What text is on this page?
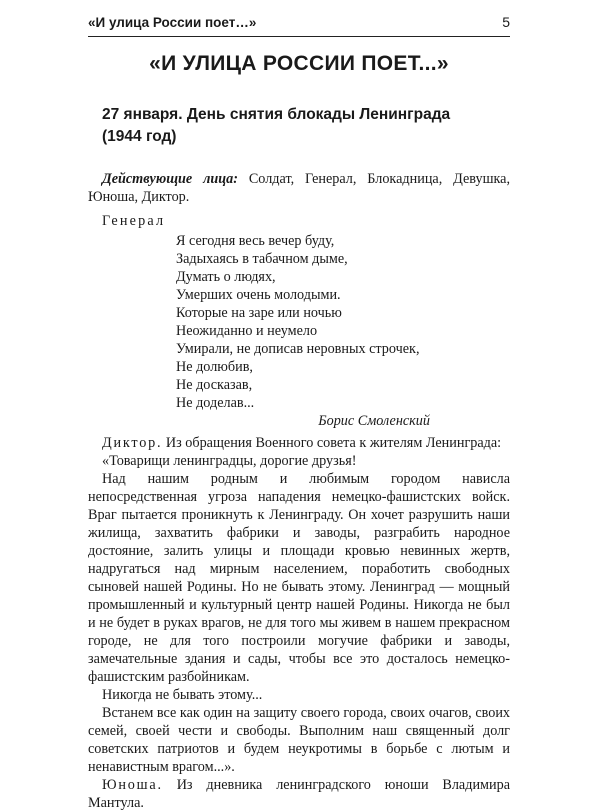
«И улица России поет…»	5
«И УЛИЦА РОССИИ ПОЕТ...»
27 января. День снятия блокады Ленинграда
(1944 год)
Действующие лица: Солдат, Генерал, Блокадница, Девушка, Юноша, Диктор.
Генерал
Я сегодня весь вечер буду,
Задыхаясь в табачном дыме,
Думать о людях,
Умерших очень молодыми.
Которые на заре или ночью
Неожиданно и неумело
Умирали, не дописав неровных строчек,
Не долюбив,
Не досказав,
Не доделав...
Борис Смоленский
Диктор. Из обращения Военного совета к жителям Ленинграда:
«Товарищи ленинградцы, дорогие друзья!
Над нашим родным и любимым городом нависла непосредственная угроза нападения немецко-фашистских войск. Враг пытается проникнуть к Ленинграду. Он хочет разрушить наши жилища, захватить фабрики и заводы, разграбить народное достояние, залить улицы и площади кровью невинных жертв, надругаться над мирным населением, поработить свободных сыновей нашей Родины. Но не бывать этому. Ленинград — мощный промышленный и культурный центр нашей Родины. Никогда не был и не будет в руках врагов, не для того мы живем в нашем прекрасном городе, не для того построили могучие фабрики и заводы, замечательные здания и сады, чтобы все это досталось немецко-фашистским разбойникам.
Никогда не бывать этому...
Встанем все как один на защиту своего города, своих очагов, своих семей, своей чести и свободы. Выполним наш священный долг советских патриотов и будем неукротимы в борьбе с лютым и ненавистным врагом...».
Юноша. Из дневника ленинградского юноши Владимира Мантула.
